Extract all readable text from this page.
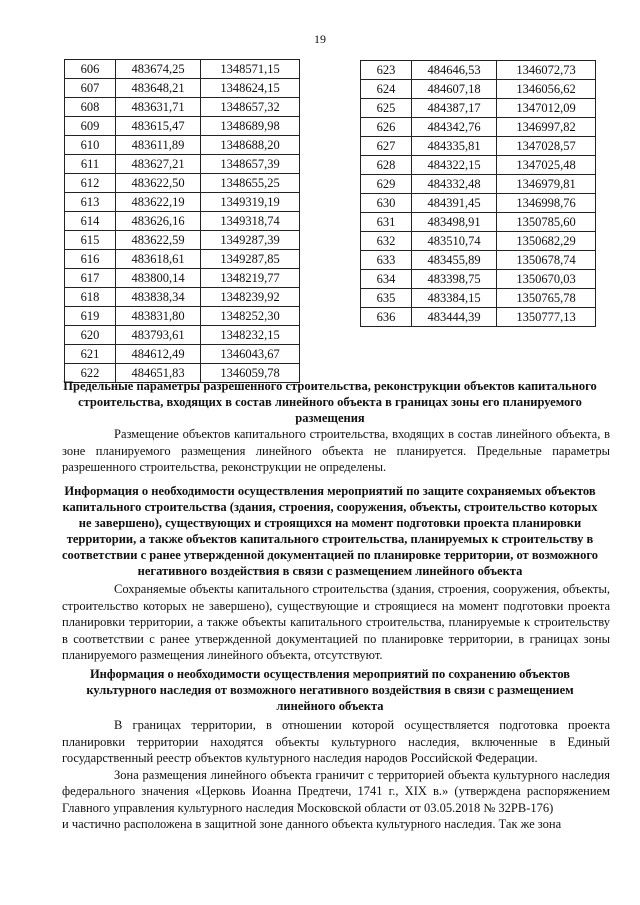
19
606	483674,25	1348571,15
607	483648,21	1348624,15
608	483631,71	1348657,32
609	483615,47	1348689,98
610	483611,89	1348688,20
611	483627,21	1348657,39
612	483622,50	1348655,25
613	483622,19	1349319,19
614	483626,16	1349318,74
615	483622,59	1349287,39
616	483618,61	1349287,85
617	483800,14	1348219,77
618	483838,34	1348239,92
619	483831,80	1348252,30
620	483793,61	1348232,15
621	484612,49	1346043,67
622	484651,83	1346059,78
623	484646,53	1346072,73
624	484607,18	1346056,62
625	484387,17	1347012,09
626	484342,76	1346997,82
627	484335,81	1347028,57
628	484322,15	1347025,48
629	484332,48	1346979,81
630	484391,45	1346998,76
631	483498,91	1350785,60
632	483510,74	1350682,29
633	483455,89	1350678,74
634	483398,75	1350670,03
635	483384,15	1350765,78
636	483444,39	1350777,13
Предельные параметры разрешенного строительства, реконструкции объектов капитального строительства, входящих в состав линейного объекта в границах зоны его планируемого размещения

Размещение объектов капитального строительства, входящих в состав линейного объекта, в зоне планируемого размещения линейного объекта не планируется. Предельные параметры разрешенного строительства, реконструкции не определены.

Информация о необходимости осуществления мероприятий по защите сохраняемых объектов капитального строительства (здания, строения, сооружения, объекты, строительство которых не завершено), существующих и строящихся на момент подготовки проекта планировки территории, а также объектов капитального строительства, планируемых к строительству в соответствии с ранее утвержденной документацией по планировке территории, от возможного негативного воздействия в связи с размещением линейного объекта

Сохраняемые объекты капитального строительства (здания, строения, сооружения, объекты, строительство которых не завершено), существующие и строящиеся на момент подготовки проекта планировки территории, а также объекты капитального строительства, планируемые к строительству в соответствии с ранее утвержденной документацией по планировке территории, в границах зоны планируемого размещения линейного объекта, отсутствуют.

Информация о необходимости осуществления мероприятий по сохранению объектов культурного наследия от возможного негативного воздействия в связи с размещением линейного объекта

В границах территории, в отношении которой осуществляется подготовка проекта планировки территории находятся объекты культурного наследия, включенные в Единый государственный реестр объектов культурного наследия народов Российской Федерации.

Зона размещения линейного объекта граничит с территорией объекта культурного наследия федерального значения «Церковь Иоанна Предтечи, 1741 г., XIX в.» (утверждена распоряжением Главного управления культурного наследия Московской области от 03.05.2018 № 32РВ-176)

и частично расположена в защитной зоне данного объекта культурного наследия. Так же зона
